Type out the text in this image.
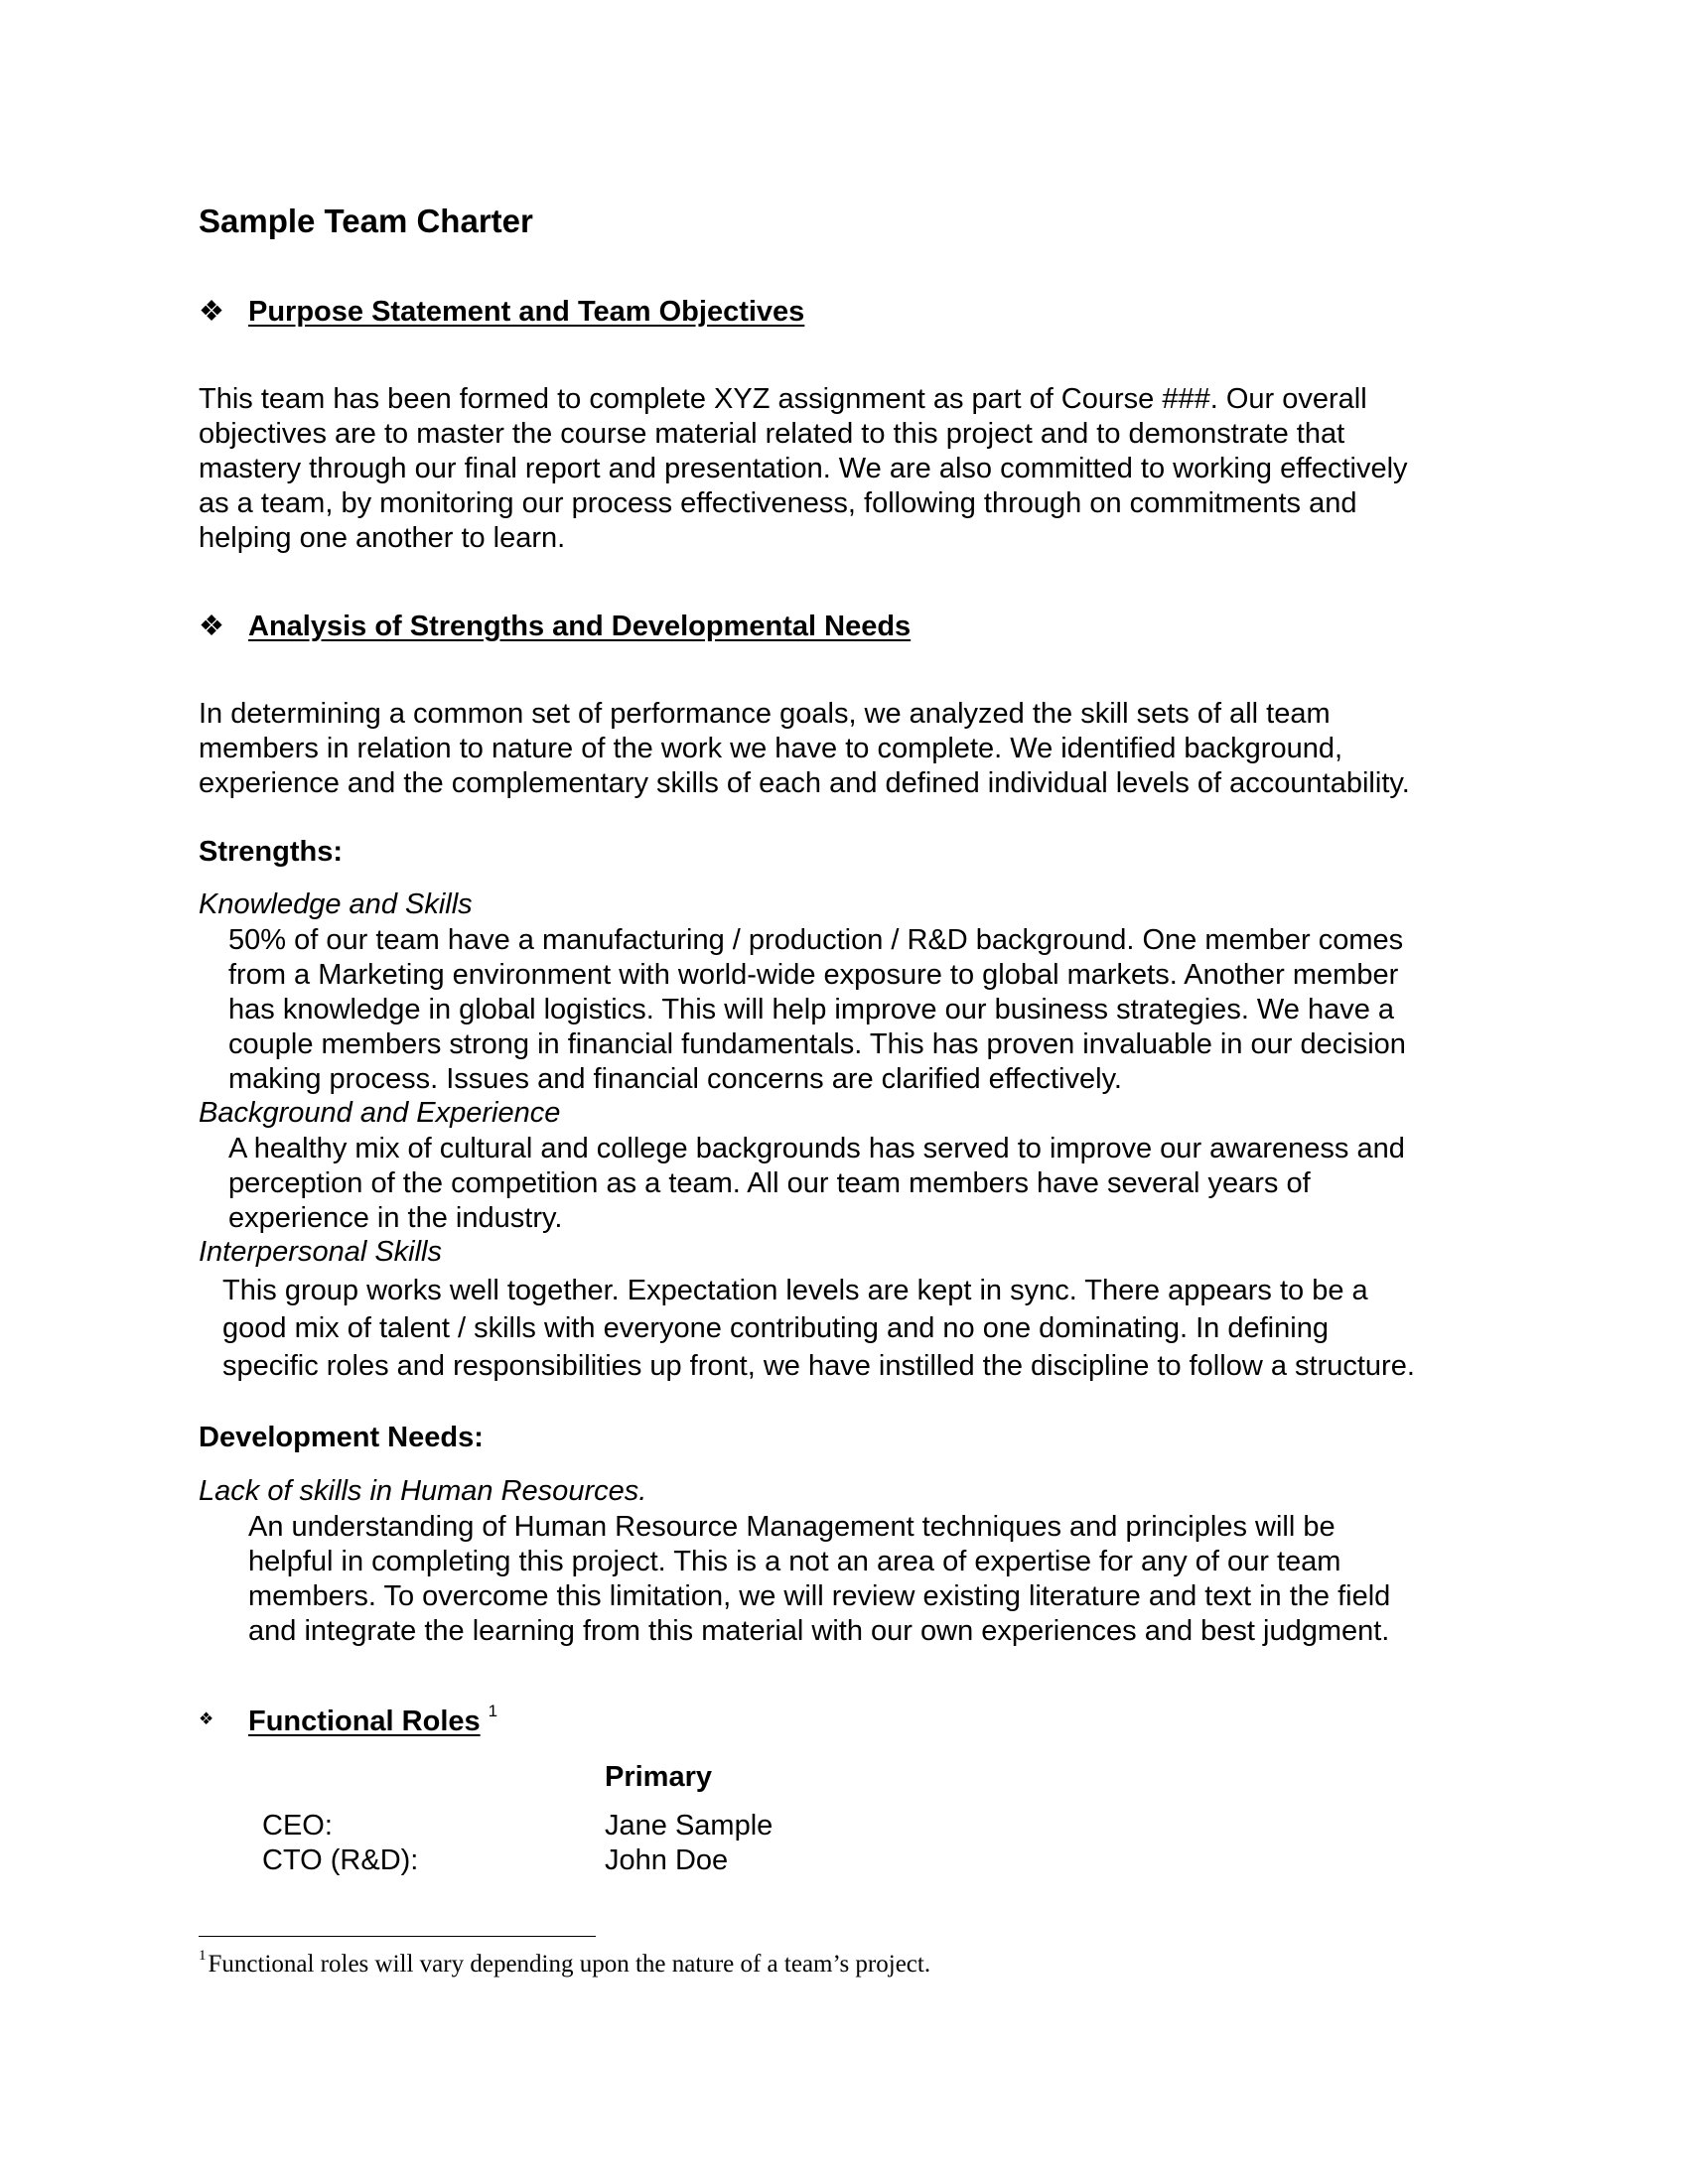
Sample Team Charter
❖ Purpose Statement and Team Objectives
This team has been formed to complete XYZ assignment as part of Course ###. Our overall
objectives are to master the course material related to this project and to demonstrate that
mastery through our final report and presentation. We are also committed to working effectively
as a team, by monitoring our process effectiveness, following through on commitments and
helping one another to learn.
❖ Analysis of Strengths and Developmental Needs
In determining a common set of performance goals, we analyzed the skill sets of all team
members in relation to nature of the work we have to complete. We identified background,
experience and the complementary skills of each and defined individual levels of accountability.
Strengths:
Knowledge and Skills
50% of our team have a manufacturing / production / R&D background. One member comes
from a Marketing environment with world-wide exposure to global markets. Another member
has knowledge in global logistics. This will help improve our business strategies. We have a
couple members strong in financial fundamentals. This has proven invaluable in our decision
making process. Issues and financial concerns are clarified effectively.
Background and Experience
A healthy mix of cultural and college backgrounds has served to improve our awareness and
perception of the competition as a team. All our team members have several years of
experience in the industry.
Interpersonal Skills
This group works well together. Expectation levels are kept in sync. There appears to be a
good mix of talent / skills with everyone contributing and no one dominating. In defining
specific roles and responsibilities up front, we have instilled the discipline to follow a structure.
Development Needs:
Lack of skills in Human Resources.
An understanding of Human Resource Management techniques and principles will be
helpful in completing this project. This is a not an area of expertise for any of our team
members. To overcome this limitation, we will review existing literature and text in the field
and integrate the learning from this material with our own experiences and best judgment.
❖ Functional Roles $^1$
Primary
CEO:	Jane Sample
CTO (R&D):	John Doe
$^1$Functional roles will vary depending upon the nature of a team’s project.
